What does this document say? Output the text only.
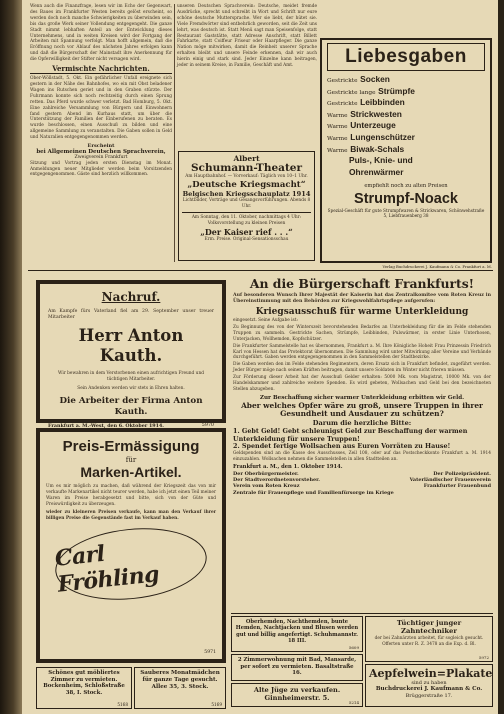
Wenn auch die Finanzfrage, lesen wir im Echo der Gegenwart, des Baues im Frankfurter Westen bereits gelöst erscheint, so werden doch noch manche Schwierigkeiten zu überwinden sein, bis das große Werk seiner Vollendung entgegengeht. Die ganze Stadt nimmt lebhaften Anteil an der Entwicklung dieses Unternehmens, und in weiten Kreisen wird der Fortgang der Arbeiten mit Spannung verfolgt. Man hofft allgemein, daß die Eröffnung noch vor Ablauf des nächsten Jahres erfolgen kann und daß die Bürgerschaft der Mainstadt ihre Anerkennung für die Opferwilligkeit der Stifter nicht versagen wird.

Vermischte Nachrichten.

Ober-Wöllstadt, 5. Okt. Ein gefährlicher Unfall ereignete sich gestern in der Nähe des Bahnhofes, wo ein mit Obst beladener Wagen ins Rutschen geriet und in den Graben stürzte. Der Fuhrmann konnte sich noch rechtzeitig durch einen Sprung retten. Das Pferd wurde schwer verletzt. Bad Homburg, 5. Okt. Eine zahlreiche Versammlung von Bürgern und Einwohnern fand gestern Abend im Kurhaus statt, um über die Unterstützung der Familien der Einberufenen zu beraten. Es wurde beschlossen, einen Ausschuß zu bilden und eine allgemeine Sammlung zu veranstalten. Die Gaben sollen in Geld und Naturalien entgegengenommen werden.

Erscheint
bei Allgemeinen Deutschen Sprachverein,
Zweigverein Frankfurt

Sitzung und Vortrag jeden ersten Dienstag im Monat. Anmeldungen neuer Mitglieder werden beim Vorsitzenden entgegengenommen. Gäste sind herzlich willkommen.

unseren Deutschen Sprachverein: Deutsche, meidet fremde Ausdrücke, sprecht und schreibt in Wort und Schrift nur eure schöne deutsche Muttersprache. Wer sie liebt, der hütet sie. Viele Fremdwörter sind entbehrlich geworden, seit die Zeit uns lehrt, was deutsch ist. Statt Menü sagt man Speisenfolge, statt Restaurant Gaststätte, statt Adresse Anschrift, statt Billett Fahrkarte, statt Coiffeur Friseur oder Haarpfleger. Die ganze Nation möge mitwirken, damit die Reinheit unserer Sprache erhalten bleibt und unsere Feinde erkennen, daß wir auch hierin einig und stark sind. Jeder Einzelne kann beitragen, jeder in seinem Kreise, in Familie, Geschäft und Amt.

Albert
Schumann-Theater
Am Hauptbahnhof. — Vorverkauf: Täglich von 10–1 Uhr.
„Deutsche Kriegsmacht“
Belgischen Kriegsschauplatz 1914
Lichtbilder, Vorträge und Gesangsvorführungen. Abends 8 Uhr.
Am Sonntag, den 11. Oktober, nachmittags 4 Uhr: Volksvorstellung zu kleinen Preisen
„Der Kaiser rief . . .“
Erm. Preise. Original-Sensationsschau
Liebesgaben
Gestrickte Socken
Gestrickte lange Strümpfe
Gestrickte Leibbinden
Warme Strickwesten
Warme Unterzeuge
Warme Lungenschützer
Warme Biwak-Schals
Puls-, Knie- und
Ohrenwärmer
empfiehlt noch zu alten Preisen
Strumpf-Noack
Spezial-Geschäft für gute Strumpfwaren & Strickwaren, Schönwehstraße 5, Liebfrauenberg 38
Verlag Buchdruckerei J. Kaufmann & Co. Frankfurt a. M.
Nachruf.
Am Kampfe fürs Vaterland fiel am 29. September unser treuer Mitarbeiter
Herr Anton Kauth.
Wir bewahren in dem Verstorbenen einen aufrichtigen Freund und tüchtigen Mitarbeiter.
Sein Andenken werden wir stets in Ehren halten.
Die Arbeiter der Firma Anton Kauth.
Frankfurt a. M.-West, den 6. Oktober 1914.	5970
Preis-Ermässigung
für
Marken-Artikel.
Um es mir möglich zu machen, daß während der Kriegszeit das von mir verkaufte Markenartikel nicht teurer werden, habe ich jetzt einen Teil meiner Waren im Preise herabgesetzt und bitte, sich von der Güte und Preiswürdigkeit zu überzeugen.
wieder zu kleineren Preisen verkaufe, kann man den Verkauf ihrer billigen Preise die Gegenstände fast im Verkauf haben.
Carl Fröhling
5971
Schönes gut möbliertes Zimmer zu vermieten. Bockenheim, Schloßstraße 38, I. Stock.
5168
Sauberes Monatmädchen für ganze Tage gesucht. Allee 35, 3. Stock.
5169
An die Bürgerschaft Frankfurts!
Auf besonderen Wunsch Ihrer Majestät der Kaiserin hat das Zentralkomitee vom Roten Kreuz in Übereinstimmung mit den Behörden zur Kriegswohlfahrtspflege aufgerufen:
Kriegsausschuß für warme Unterkleidung
eingesetzt. Seine Aufgabe ist:

Zu Beginnung des von der Winterszeit bevorstehenden Bedarfes an Unterbekleidung für die im Felde stehenden Truppen zu sammeln. Gestrickte Sachen, Strümpfe, Leibbinden, Pulswärmer, in erster Linie Unterhosen, Unterjacken, Wollhemden, Kopfschützer.

Die Frankfurter Sammelstelle hat es übernommen, Frankfurt a. M. Ihre Königliche Hoheit Frau Prinzessin Friedrich Karl von Hessen hat das Protektorat übernommen. Die Sammlung wird unter Mitwirkung aller Vereine und Verbände durchgeführt. Gaben werden entgegengenommen in den Sammelstellen der Stadtbezirke.

Die Gaben werden den im Felde stehenden Regimentern, deren Ersatz sich in Frankfurt befindet, zugeführt werden. Jeder Bürger möge nach seinen Kräften beitragen, damit unsere Soldaten im Winter nicht frieren müssen.

Zur Förderung dieser Arbeit hat der Ausschuß Gelder erhalten: 5000 Mk. vom Magistrat, 10000 Mk. von der Handelskammer und zahlreiche weitere Spenden. Es wird gebeten, Wollsachen und Geld bei den bezeichneten Stellen abzugeben.

Zur Beschaffung sicher warmer Unterkleidung erbitten wir Geld.
Aber welches Opfer wäre zu groß, unsere Truppen in ihrer Gesundheit und Ausdauer zu schützen?
Darum die herzliche Bitte:
1. Gebt Geld! Gebt schleunigst Geld zur Beschaffung der warmen Unterkleidung für unsere Truppen!
2. Spendet fertige Wollsachen aus Euren Vorräten zu Hause!

Geldspenden sind an die Kasse des Ausschusses, Zeil 108, oder auf das Postscheckkonto Frankfurt a. M. 1914 einzuzahlen. Wollsachen nehmen die Sammelstellen in allen Stadtteilen an.

Frankfurt a. M., den 1. Oktober 1914.
Der Oberbürgermeister.
Der Stadtverordnetenvorsteher.
Verein vom Roten Kreuz
Zentrale für Frauenpflege und Familienfürsorge im Kriege
Der Polizeipräsident.
Vaterländischer Frauenverein
Frankfurter Frauenbund
Oberhemden, Nachthemden, bunte Hemden, Nachtjacken und Blusen werden gut und billig angefertigt. Schuhmannstr. 18 III.
5609
2 Zimmerwohnung mit Bad, Mansarde, per sofort zu vermieten. Basaltstraße 16.
Alte Jüge zu verkaufen. Ginnheimerstr. 5.
5214
Tüchtiger junger Zahntechniker
der bei Zahnärzten arbeitet, für sogleich gesucht. Offerten unter R. Z. 3478 an die Exp. d. Bl.
5972
Aepfelwein=Plakate
sind zu haben
Buchdruckerei J. Kaufmann & Co.
Brüggerstraße 17.
